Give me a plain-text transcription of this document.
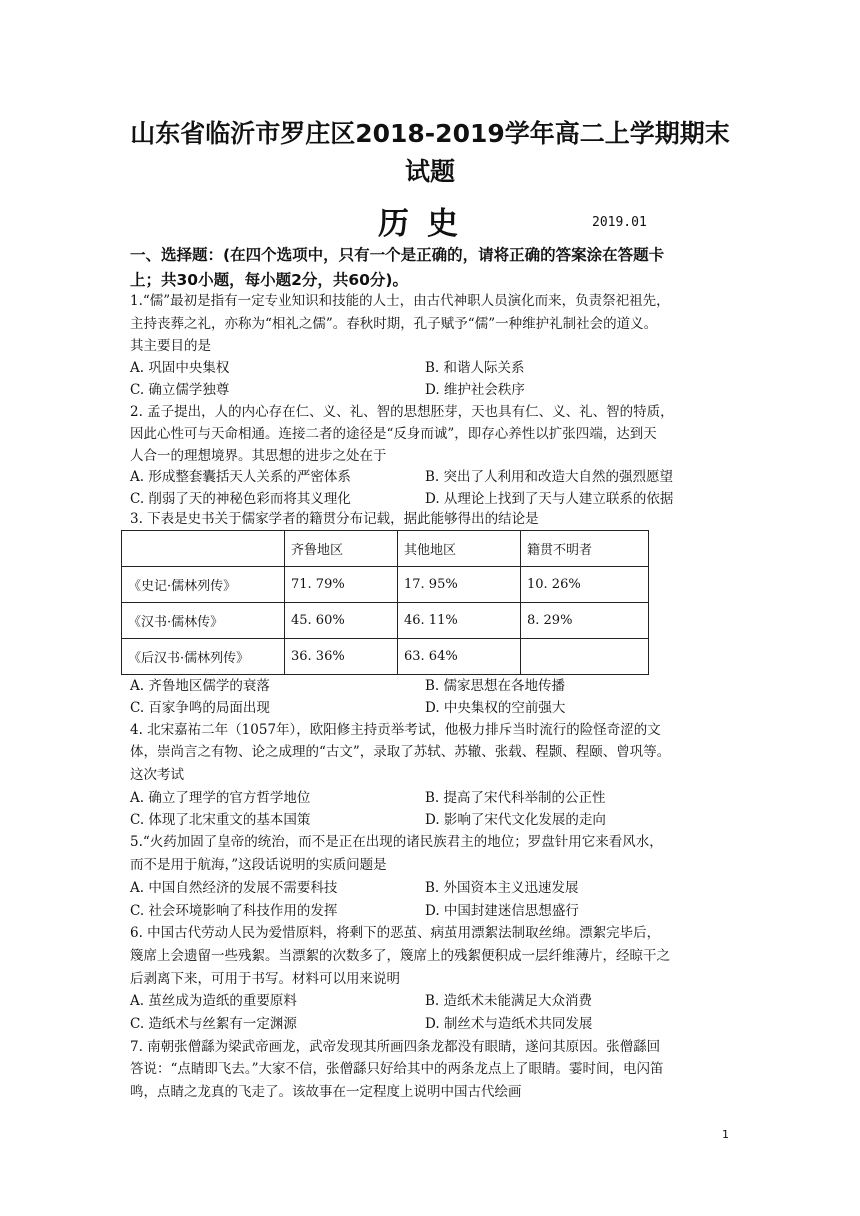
山东省临沂市罗庄区2018-2019学年高二上学期期末
试题
历史	2019.01
一、选择题：(在四个选项中，只有一个是正确的，请将正确的答案涂在答题卡
上；共30小题，每小题2分，共60分)。
1.“儒”最初是指有一定专业知识和技能的人士，由古代神职人员演化而来，负责祭祀祖先，
主持丧葬之礼，亦称为“相礼之儒”。春秋时期，孔子赋予“儒”一种维护礼制社会的道义。
其主要目的是
A. 巩固中央集权	B. 和谐人际关系
C. 确立儒学独尊	D. 维护社会秩序
2. 孟子提出，人的内心存在仁、义、礼、智的思想胚芽，天也具有仁、义、礼、智的特质，
因此心性可与天命相通。连接二者的途径是“反身而诚”，即存心养性以扩张四端，达到天
人合一的理想境界。其思想的进步之处在于
A. 形成整套囊括天人关系的严密体系	B. 突出了人利用和改造大自然的强烈愿望
C. 削弱了天的神秘色彩而将其义理化	D. 从理论上找到了天与人建立联系的依据
3. 下表是史书关于儒家学者的籍贯分布记载，据此能够得出的结论是
	齐鲁地区	其他地区	籍贯不明者
《史记·儒林列传》	71. 79%	17. 95%	10. 26%
《汉书·儒林传》	45. 60%	46. 11%	8. 29%
《后汉书·儒林列传》	36. 36%	63. 64%	
A. 齐鲁地区儒学的衰落	B. 儒家思想在各地传播
C. 百家争鸣的局面出现	D. 中央集权的空前强大
4. 北宋嘉祐二年（1057年），欧阳修主持贡举考试，他极力排斥当时流行的险怪奇涩的文
体，崇尚言之有物、论之成理的“古文”，录取了苏轼、苏辙、张载、程颢、程颐、曾巩等。
这次考试
A. 确立了理学的官方哲学地位	B. 提高了宋代科举制的公正性
C. 体现了北宋重文的基本国策	D. 影响了宋代文化发展的走向
5.“火药加固了皇帝的统治，而不是正在出现的诸民族君主的地位；罗盘针用它来看风水，
而不是用于航海，”这段话说明的实质问题是
A. 中国自然经济的发展不需要科技	B. 外国资本主义迅速发展
C. 社会环境影响了科技作用的发挥	D. 中国封建迷信思想盛行
6. 中国古代劳动人民为爱惜原料，将剩下的恶茧、病茧用漂絮法制取丝绵。漂絮完毕后，
篾席上会遗留一些残絮。当漂絮的次数多了，篾席上的残絮便积成一层纤维薄片，经晾干之
后剥离下来，可用于书写。材料可以用来说明
A. 茧丝成为造纸的重要原料	B. 造纸术未能满足大众消费
C. 造纸术与丝絮有一定渊源	D. 制丝术与造纸术共同发展
7. 南朝张僧繇为梁武帝画龙，武帝发现其所画四条龙都没有眼睛，遂问其原因。张僧繇回
答说：“点睛即飞去。”大家不信，张僧繇只好给其中的两条龙点上了眼睛。霎时间，电闪笛
鸣，点睛之龙真的飞走了。该故事在一定程度上说明中国古代绘画
1
